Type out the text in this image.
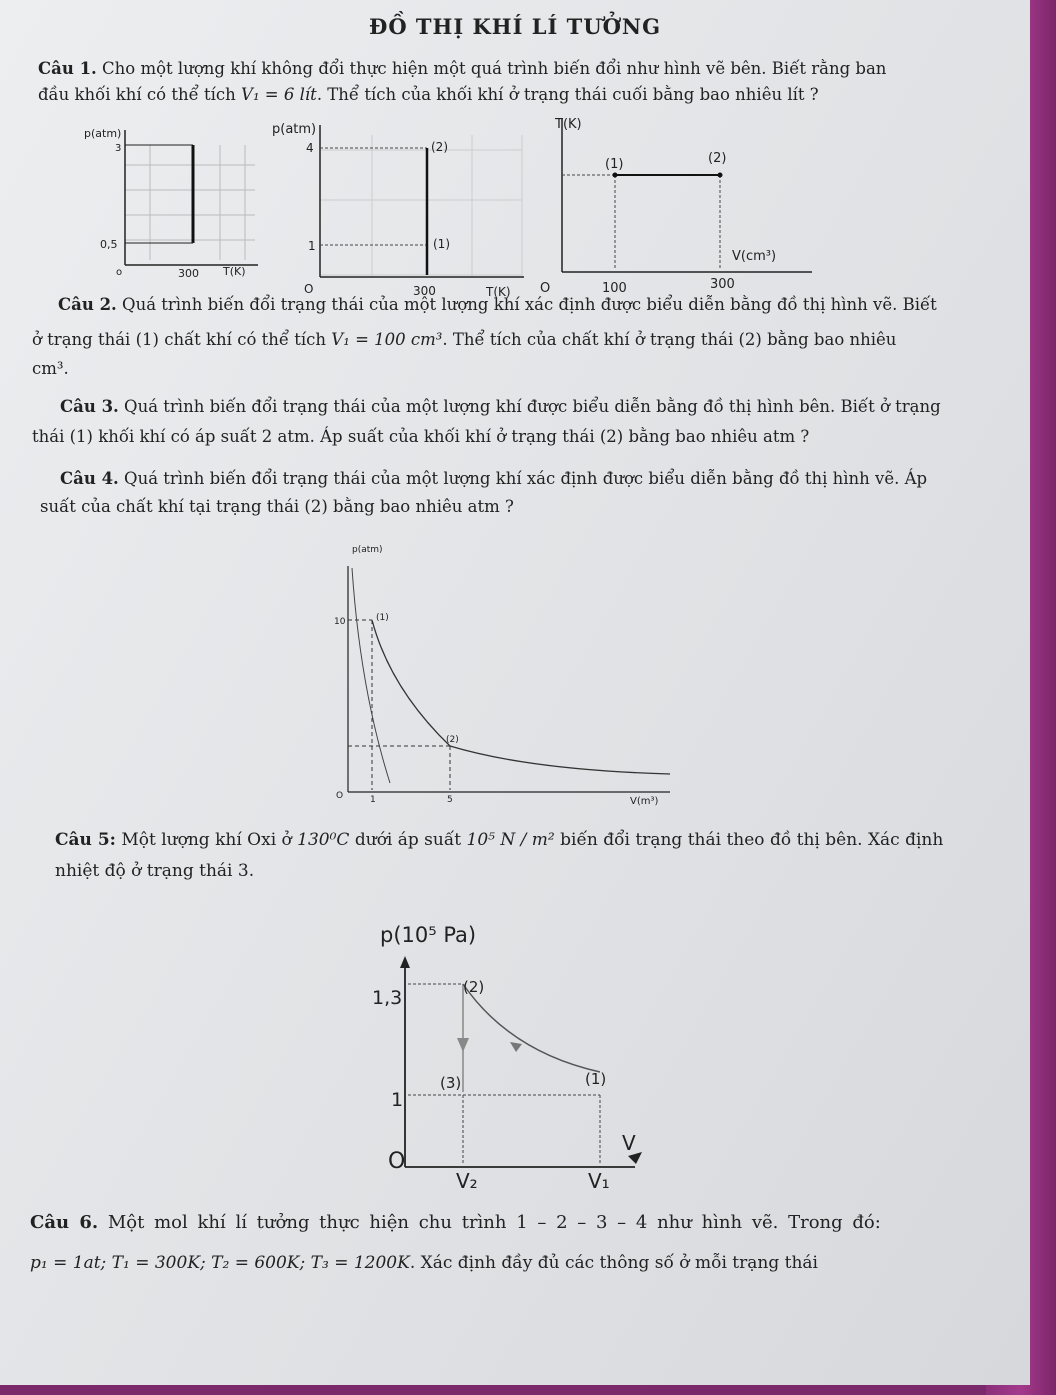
ĐỒ THỊ KHÍ LÍ TƯỞNG
Câu 1. Cho một lượng khí không đổi thực hiện một quá trình biến đổi như hình vẽ bên. Biết rằng ban
đầu khối khí có thể tích V₁ = 6 lít. Thể tích của khối khí ở trạng thái cuối bằng bao nhiêu lít ?
p(atm)
3
0,5
o	300 T(K)
p(atm)
4
1
(2)
(1)
O	300	T(K)
T(K)
(1)	(2)
V(cm³)
O	100	300
Câu 2. Quá trình biến đổi trạng thái của một lượng khí xác định được biểu diễn bằng đồ thị hình vẽ. Biết
ở trạng thái (1) chất khí có thể tích V₁ = 100 cm³. Thể tích của chất khí ở trạng thái (2) bằng bao nhiêu
cm³.
Câu 3. Quá trình biến đổi trạng thái của một lượng khí được biểu diễn bằng đồ thị hình bên. Biết ở trạng
thái (1) khối khí có áp suất 2 atm. Áp suất của khối khí ở trạng thái (2) bằng bao nhiêu atm ?
Câu 4. Quá trình biến đổi trạng thái của một lượng khí xác định được biểu diễn bằng đồ thị hình vẽ. Áp
suất của chất khí tại trạng thái (2) bằng bao nhiêu atm ?
p(atm)
10	(1)
(2)
O	1	5	V(m³)
Câu 5: Một lượng khí Oxi ở 130⁰C dưới áp suất 10⁵ N / m² biến đổi trạng thái theo đồ thị bên. Xác định
nhiệt độ ở trạng thái 3.
p(10⁵ Pa)
1,3
1
(2)
(3)	(1)
V
O
V₂	V₁
Câu 6. Một mol khí lí tưởng thực hiện chu trình 1 – 2 – 3 – 4 như hình vẽ. Trong đó:
p₁ = 1at; T₁ = 300K; T₂ = 600K; T₃ = 1200K. Xác định đầy đủ các thông số ở mỗi trạng thái
